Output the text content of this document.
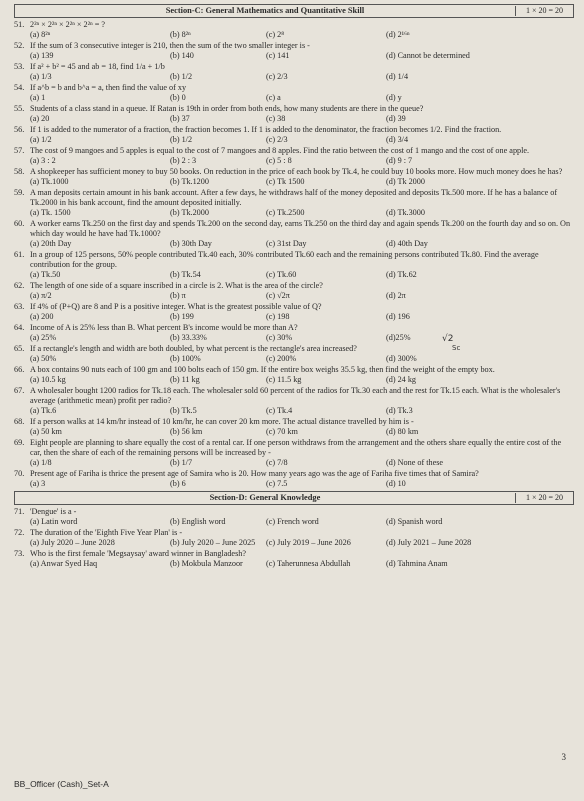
Section-C: General Mathematics and Quantitative Skill	1 × 20 = 20
51. 2²ⁿ × 2²ⁿ × 2²ⁿ × 2²ⁿ = ?
(a) 8²ⁿ	(b) 8²ⁿ	(c) 2⁸	(d) 2¹⁶ⁿ
52. If the sum of 3 consecutive integer is 210, then the sum of the two smaller integer is -
(a) 139	(b) 140	(c) 141	(d) Cannot be determined
53. If a² + b² = 45 and ab = 18, find 1/a + 1/b
(a) 1/3	(b) 1/2	(c) 2/3	(d) 1/4
54. If a^b = b and b^a = a, then find the value of xy
(a) 1	(b) 0	(c) a	(d) y
55. Students of a class stand in a queue. If Ratan is 19th in order from both ends, how many students are there in the queue?
(a) 20	(b) 37	(c) 38	(d) 39
56. If 1 is added to the numerator of a fraction, the fraction becomes 1. If 1 is added to the denominator, the fraction becomes 1/2. Find the fraction.
(a) 1/2	(b) 1/2	(c) 2/3	(d) 3/4
57. The cost of 9 mangoes and 5 apples is equal to the cost of 7 mangoes and 8 apples. Find the ratio between the cost of 1 mango and the cost of one apple.
(a) 3 : 2	(b) 2 : 3	(c) 5 : 8	(d) 9 : 7
58. A shopkeeper has sufficient money to buy 50 books. On reduction in the price of each book by Tk.4, he could buy 10 books more. How much money does he has?
(a) Tk.1000	(b) Tk.1200	(c) Tk 1500	(d) Tk 2000
59. A man deposits certain amount in his bank account. After a few days, he withdraws half of the money deposited and deposits Tk.500 more. If he has a balance of Tk.2000 in his bank account, find the amount deposited initially.
(a) Tk. 1500	(b) Tk.2000	(c) Tk.2500	(d) Tk.3000
60. A worker earns Tk.250 on the first day and spends Tk.200 on the second day, earns Tk.250 on the third day and again spends Tk.200 on the fourth day and so on. On which day would he have had Tk.1000?
(a) 20th Day	(b) 30th Day	(c) 31st Day	(d) 40th Day
61. In a group of 125 persons, 50% people contributed Tk.40 each, 30% contributed Tk.60 each and the remaining persons contributed Tk.80. Find the average contribution for the group.
(a) Tk.50	(b) Tk.54	(c) Tk.60	(d) Tk.62
62. The length of one side of a square inscribed in a circle is 2. What is the area of the circle?
(a) π/2	(b) π	(c) √2π	(d) 2π
63. If 4% of (P+Q) are 8 and P is a positive integer. What is the greatest possible value of Q?
(a) 200	(b) 199	(c) 198	(d) 196
64. Income of A is 25% less than B. What percent B's income would be more than A?
(a) 25%	(b) 33.33%	(c) 30%	(d)25%
65. If a rectangle's length and width are both doubled, by what percent is the rectangle's area increased?
(a) 50%	(b) 100%	(c) 200%	(d) 300%
66. A box contains 90 nuts each of 100 gm and 100 bolts each of 150 gm. If the entire box weighs 35.5 kg, then find the weight of the empty box.
(a) 10.5 kg	(b) 11 kg	(c) 11.5 kg	(d) 24 kg
67. A wholesaler bought 1200 radios for Tk.18 each. The wholesaler sold 60 percent of the radios for Tk.30 each and the rest for Tk.15 each. What is the wholesaler's average (arithmetic mean) profit per radio?
(a) Tk.6	(b) Tk.5	(c) Tk.4	(d) Tk.3
68. If a person walks at 14 km/hr instead of 10 km/hr, he can cover 20 km more. The actual distance travelled by him is -
(a) 50 km	(b) 56 km	(c) 70 km	(d) 80 km
69. Eight people are planning to share equally the cost of a rental car. If one person withdraws from the arrangement and the others share equally the entire cost of the car, then the share of each of the remaining persons will be increased by -
(a) 1/8	(b) 1/7	(c) 7/8	(d) None of these
70. Present age of Fariha is thrice the present age of Samira who is 20. How many years ago was the age of Fariha five times that of Samira?
(a) 3	(b) 6	(c) 7.5	(d) 10
Section-D: General Knowledge	1 × 20 = 20
71. 'Dengue' is a -
(a) Latin word	(b) English word	(c) French word	(d) Spanish word
72. The duration of the 'Eighth Five Year Plan' is -
(a) July 2020 – June 2028	(b) July 2020 – June 2025	(c) July 2019 – June 2026	(d) July 2021 – June 2028
73. Who is the first female 'Megsaysay' award winner in Bangladesh?
(a) Anwar Syed Haq	(b) Mokbula Manzoor	(c) Taherunnesa Abdullah	(d) Tahmina Anam
√2
Sc
3
BB_Officer (Cash)_Set-A
